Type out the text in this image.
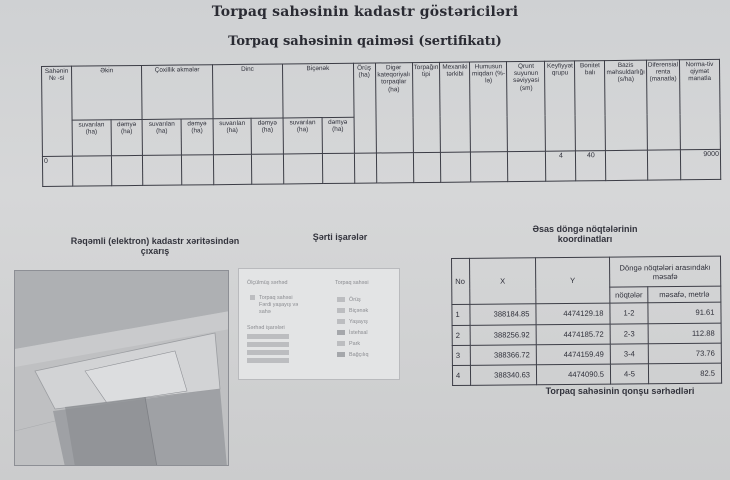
Torpaq sahəsinin kadastr göstəriciləri
Torpaq sahəsinin qaiməsi (sertifikatı)
Sahənin № -si	Əkin		Çoxillik əkmələr		Dinc		Biçənək		Örüş (ha)	Digər kateqoriyalı torpaqlar (ha)	Torpağın tipi	Mexaniki tərkibi	Humusun miqdarı (%-lə)	Qrunt suyunun səviyyəsi (sm)	Keyfiyyət qrupu	Bonitet balı	Bazis məhsuldarlığı (s/ha)	Diferensial renta (manatla)	Norma-tiv qiymət manatla
	suvarılan (ha)	dəmyə (ha)	suvarılan (ha)	dəmyə (ha)	suvarılan (ha)	dəmyə (ha)	suvarılan (ha)	dəmyə (ha)											
0															4	40			9000
Rəqəmli (elektron) kadastr xəritəsindən çıxarış
Şərti işarələr
Əsas döngə nöqtələrinin koordinatları
Torpaq sahəsinin qonşu sərhədləri
Ölçülmüş sərhəd
Torpaq sahəsi
Fərdi yaşayış və
sahə
Sərhəd işarələri
Torpaq sahəsi
Örüş
Biçənək
Yaşayış
İstehsal
Park
Bağçılıq
No	X	Y	Döngə nöqtələri arasındakı məsafə	
			nöqtələr	məsafə, metrlə
1	388184.85	4474129.18	1-2	91.61
2	388256.92	4474185.72	2-3	112.88
3	388366.72	4474159.49	3-4	73.76
4	388340.63	4474090.5	4-5	82.5
